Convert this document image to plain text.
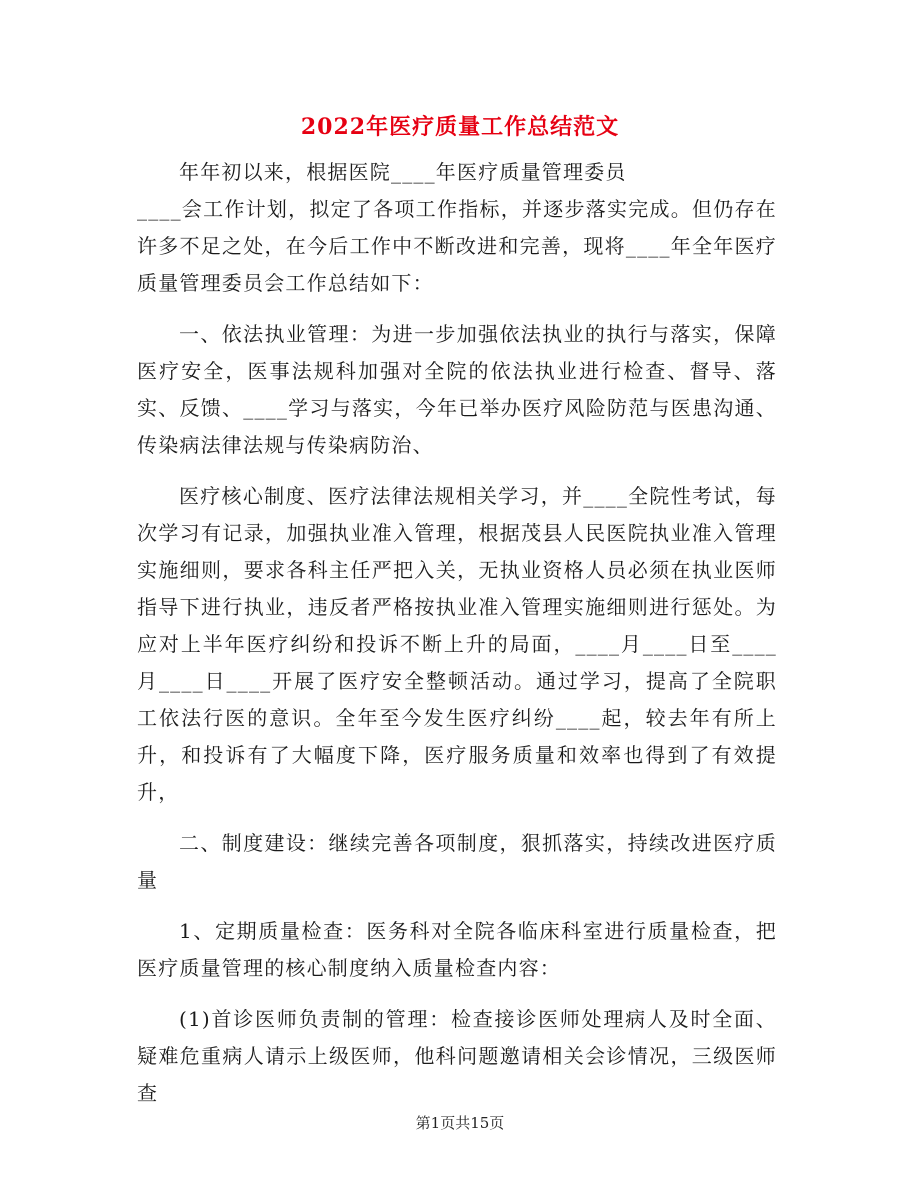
2022年医疗质量工作总结范文

年年初以来，根据医院____年医疗质量管理委员

____会工作计划，拟定了各项工作指标，并逐步落实完成。但仍存在许多不足之处，在今后工作中不断改进和完善，现将____年全年医疗质量管理委员会工作总结如下：

一、依法执业管理：为进一步加强依法执业的执行与落实，保障医疗安全，医事法规科加强对全院的依法执业进行检查、督导、落实、反馈、____学习与落实，今年已举办医疗风险防范与医患沟通、传染病法律法规与传染病防治、

医疗核心制度、医疗法律法规相关学习，并____全院性考试，每次学习有记录，加强执业准入管理，根据茂县人民医院执业准入管理实施细则，要求各科主任严把入关，无执业资格人员必须在执业医师指导下进行执业，违反者严格按执业准入管理实施细则进行惩处。为应对上半年医疗纠纷和投诉不断上升的局面，____月____日至____月____日____开展了医疗安全整顿活动。通过学习，提高了全院职工依法行医的意识。全年至今发生医疗纠纷____起，较去年有所上升，和投诉有了大幅度下降，医疗服务质量和效率也得到了有效提升，

二、制度建设：继续完善各项制度，狠抓落实，持续改进医疗质量

1、定期质量检查：医务科对全院各临床科室进行质量检查，把医疗质量管理的核心制度纳入质量检查内容：

(1)首诊医师负责制的管理：检查接诊医师处理病人及时全面、疑难危重病人请示上级医师，他科问题邀请相关会诊情况，三级医师查

第1页共15页
